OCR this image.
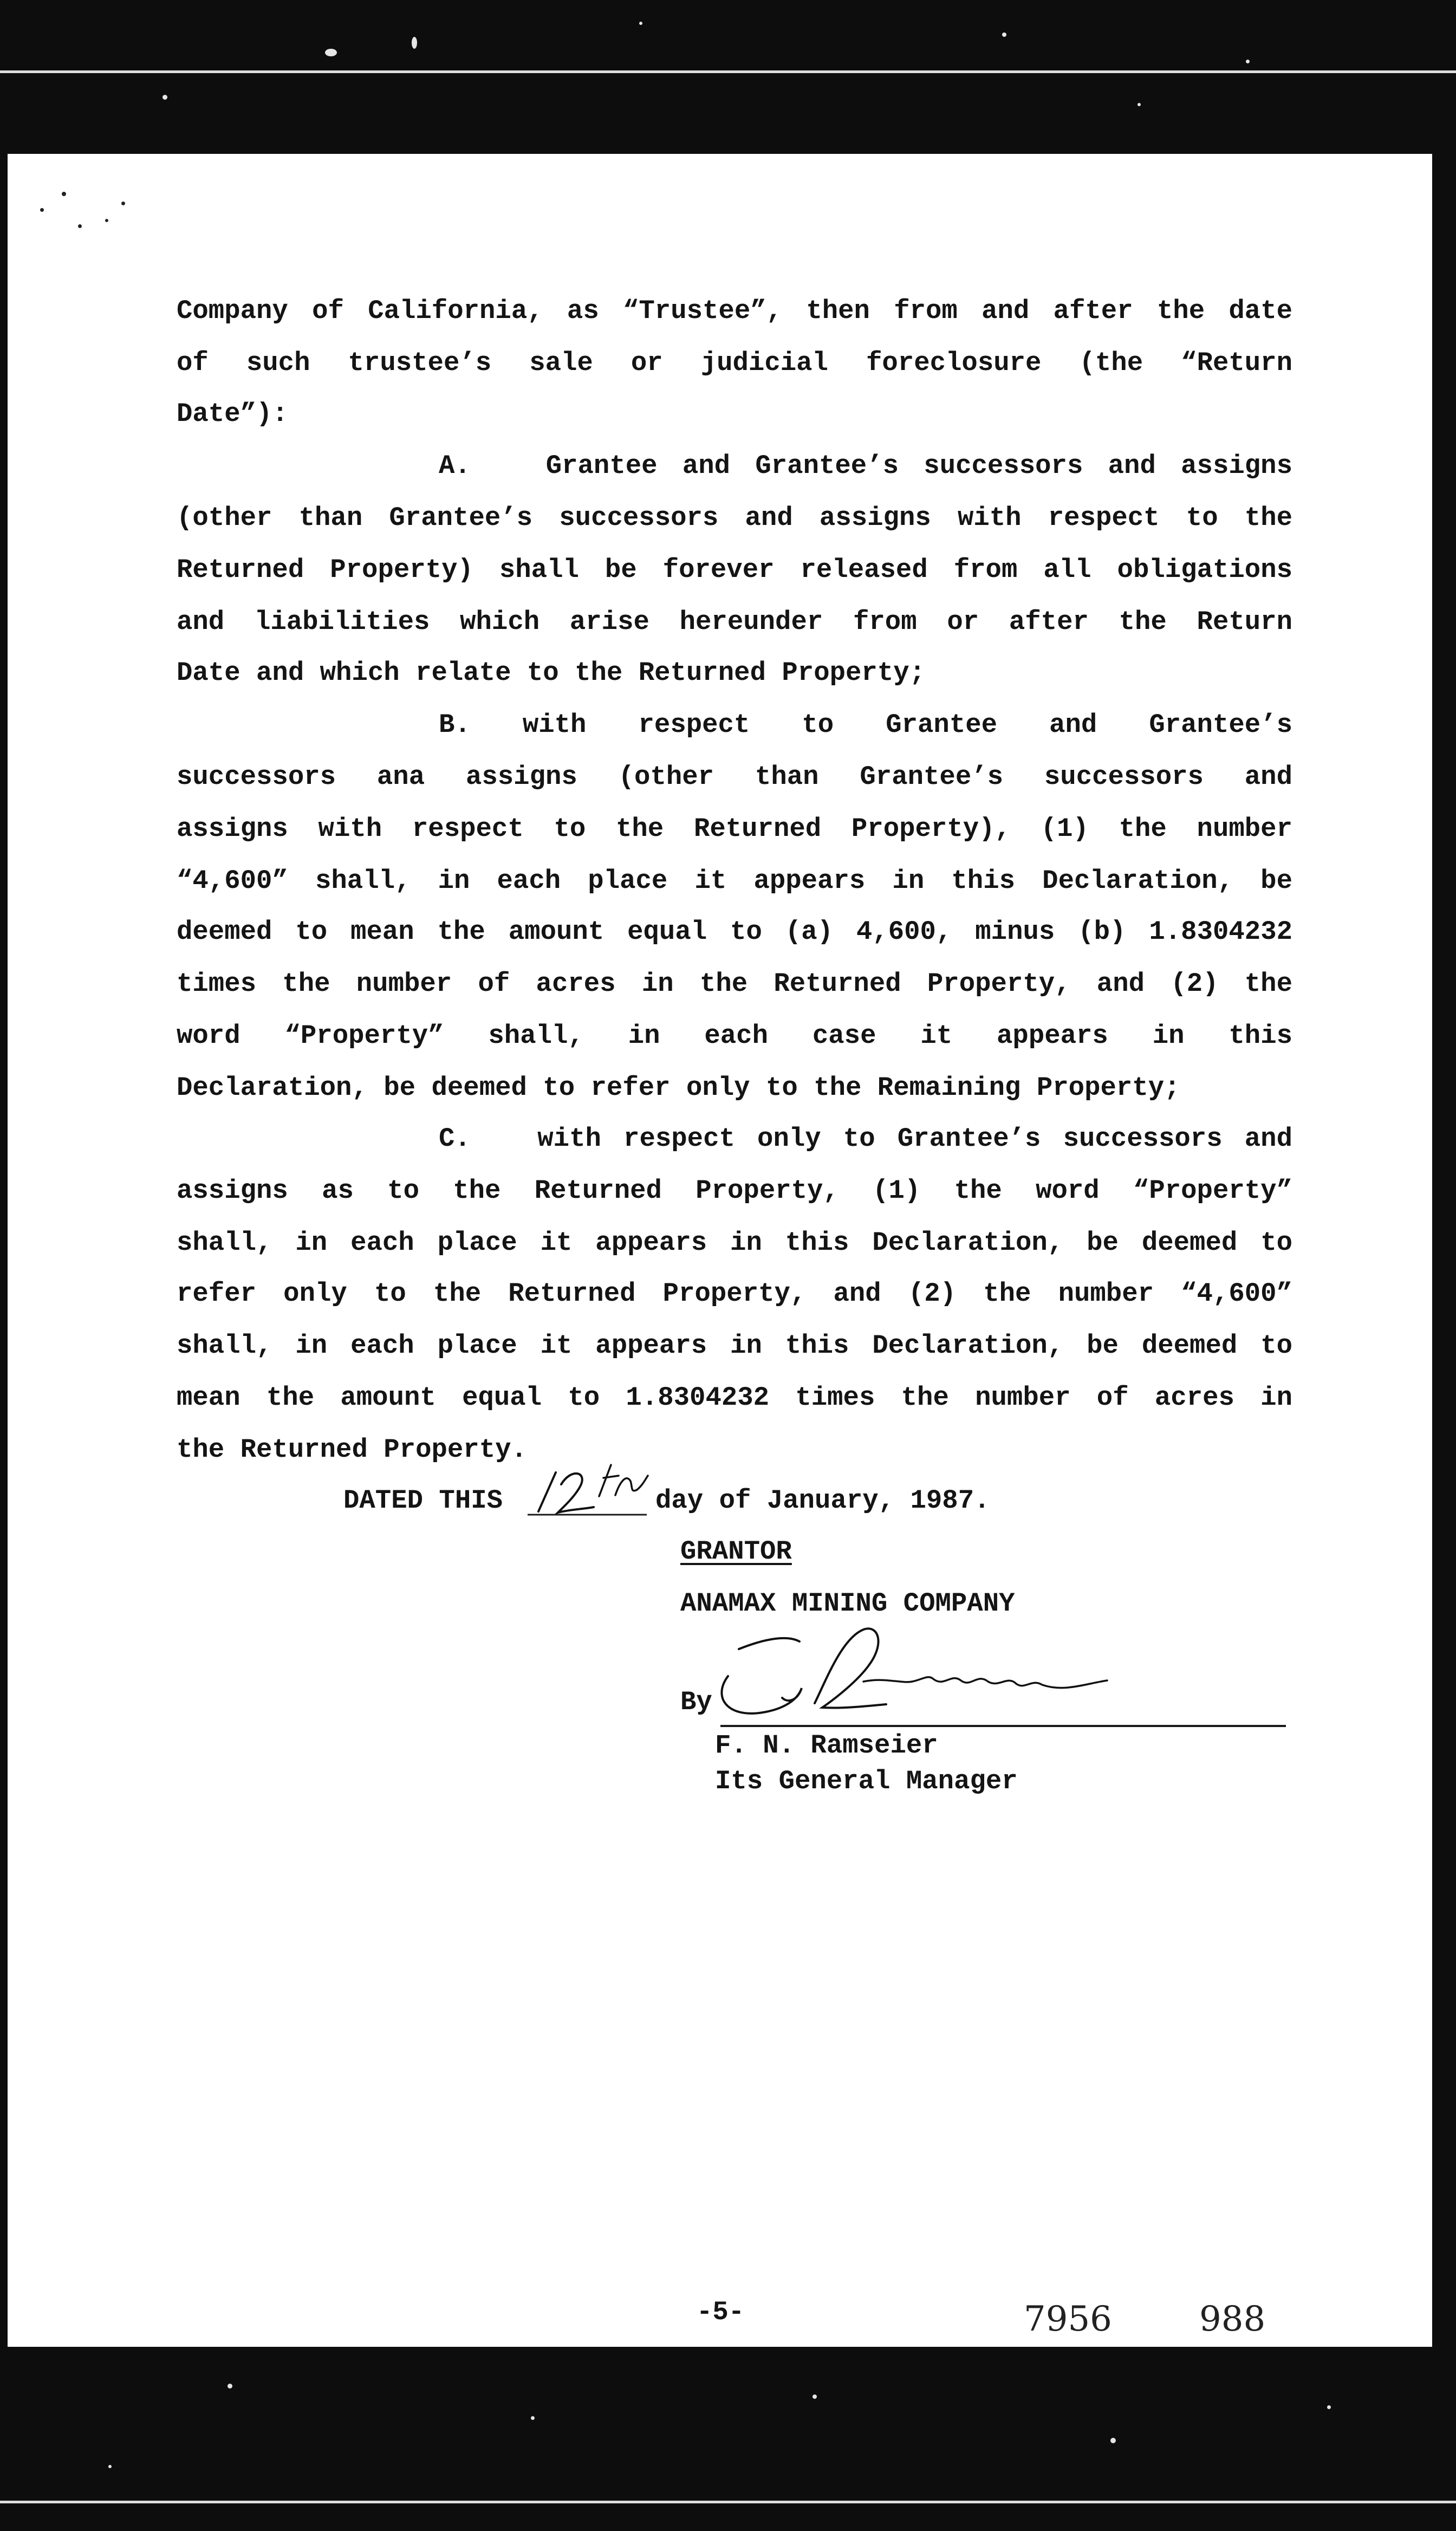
Company of California, as “Trustee”, then from and after the date

of such trustee’s sale or judicial foreclosure (the “Return

Date”):

A.   Grantee and Grantee’s successors and assigns

(other than Grantee’s successors and assigns with respect to the

Returned Property) shall be forever released from all obligations

and liabilities which arise hereunder from or after the Return

Date and which relate to the Returned Property;

B.   with   respect   to   Grantee   and   Grantee’s

successors ana assigns (other than Grantee’s successors and

assigns with respect to the Returned Property), (1) the number

“4,600” shall, in each place it appears in this Declaration, be

deemed to mean the amount equal to (a) 4,600, minus (b) 1.8304232

times the number of acres in the Returned Property, and (2) the

word “Property” shall, in each case it appears in this

Declaration, be deemed to refer only to the Remaining Property;

C.   with respect only to Grantee’s successors and

assigns as to the Returned Property, (1) the word “Property”

shall, in each place it appears in this Declaration, be deemed to

refer only to the Returned Property, and (2) the number “4,600”

shall, in each place it appears in this Declaration, be deemed to

mean the amount equal to 1.8304232 times the number of acres in

the Returned Property.

DATED THIS	day of January, 1987.
GRANTOR
ANAMAX MINING COMPANY
By
F. N. Ramseier
Its General Manager
-5-	7956	988
